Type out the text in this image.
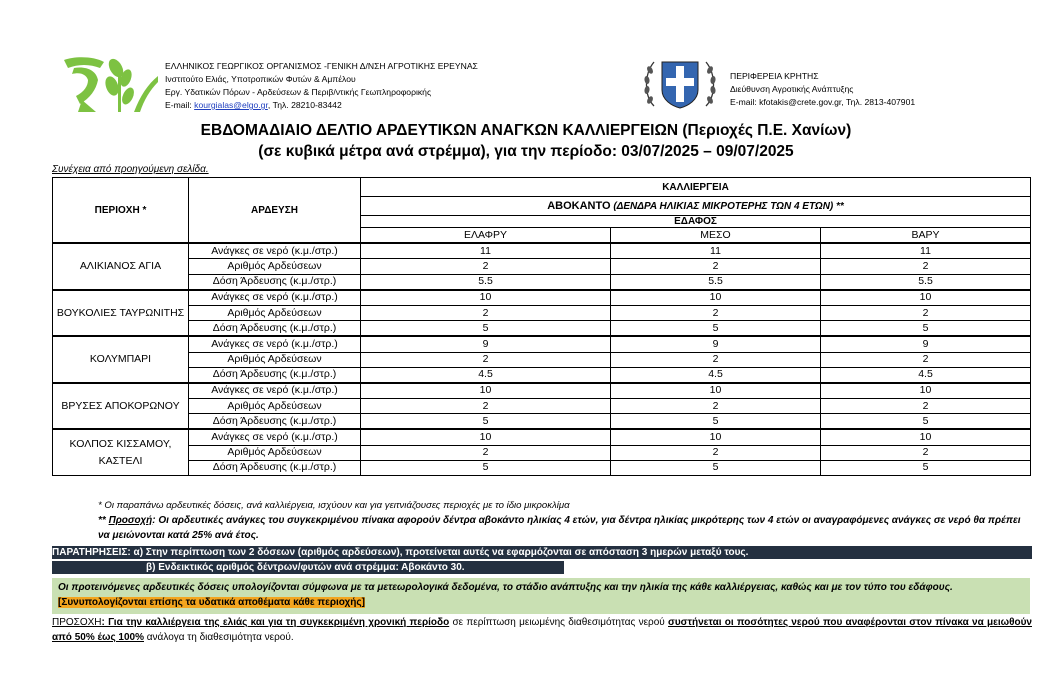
ΕΛΛΗΝΙΚΟΣ ΓΕΩΡΓΙΚΟΣ ΟΡΓΑΝΙΣΜΟΣ -ΓΕΝΙΚΗ Δ/ΝΣΗ ΑΓΡΟΤΙΚΗΣ ΕΡΕΥΝΑΣ
Ινστιτούτο Ελιάς, Υποτροπικών Φυτών & Αμπέλου
Εργ. Υδατικών Πόρων - Αρδεύσεων & Περιβ/ντικής Γεωπληροφορικής
E-mail: kourgialas@elgo.gr, Τηλ. 28210-83442
ΠΕΡΙΦΕΡΕΙΑ ΚΡΗΤΗΣ
Διεύθυνση Αγροτικής Ανάπτυξης
E-mail: kfotakis@crete.gov.gr, Τηλ. 2813-407901
ΕΒΔΟΜΑΔΙΑΙΟ ΔΕΛΤΙΟ ΑΡΔΕΥΤΙΚΩΝ ΑΝΑΓΚΩΝ ΚΑΛΛΙΕΡΓΕΙΩΝ (Περιοχές Π.Ε. Χανίων)
(σε κυβικά μέτρα ανά στρέμμα), για την περίοδο: 03/07/2025 – 09/07/2025
Συνέχεια από προηγούμενη σελίδα.
ΠΕΡΙΟΧΗ *	ΑΡΔΕΥΣΗ	ΚΑΛΛΙΕΡΓΕΙΑ		
		ΑΒΟΚΑΝΤΟ (ΔΕΝΔΡΑ ΗΛΙΚΙΑΣ ΜΙΚΡΟΤΕΡΗΣ ΤΩΝ 4 ΕΤΩΝ) **		
		ΕΔΑΦΟΣ		
		ΕΛΑΦΡΥ	ΜΕΣΟ	ΒΑΡΥ
ΑΛΙΚΙΑΝΟΣ ΑΓΙΑ	Ανάγκες σε νερό (κ.μ./στρ.)	11	11	11
	Αριθμός Αρδεύσεων	2	2	2
	Δόση Άρδευσης (κ.μ./στρ.)	5.5	5.5	5.5
ΒΟΥΚΟΛΙΕΣ ΤΑΥΡΩΝΙΤΗΣ	Ανάγκες σε νερό (κ.μ./στρ.)	10	10	10
	Αριθμός Αρδεύσεων	2	2	2
	Δόση Άρδευσης (κ.μ./στρ.)	5	5	5
ΚΟΛΥΜΠΑΡΙ	Ανάγκες σε νερό (κ.μ./στρ.)	9	9	9
	Αριθμός Αρδεύσεων	2	2	2
	Δόση Άρδευσης (κ.μ./στρ.)	4.5	4.5	4.5
ΒΡΥΣΕΣ ΑΠΟΚΟΡΩΝΟΥ	Ανάγκες σε νερό (κ.μ./στρ.)	10	10	10
	Αριθμός Αρδεύσεων	2	2	2
	Δόση Άρδευσης (κ.μ./στρ.)	5	5	5
ΚΟΛΠΟΣ ΚΙΣΣΑΜΟΥ, ΚΑΣΤΕΛΙ	Ανάγκες σε νερό (κ.μ./στρ.)	10	10	10
	Αριθμός Αρδεύσεων	2	2	2
	Δόση Άρδευσης (κ.μ./στρ.)	5	5	5
* Οι παραπάνω αρδευτικές δόσεις, ανά καλλιέργεια, ισχύουν και για γειτνιάζουσες περιοχές με το ίδιο μικροκλίμα
** Προσοχή: Οι αρδευτικές ανάγκες του συγκεκριμένου πίνακα αφορούν δέντρα αβοκάντο ηλικίας 4 ετών, για δέντρα ηλικίας μικρότερης των 4 ετών οι αναγραφόμενες ανάγκες σε νερό θα πρέπει να μειώνονται κατά 25% ανά έτος.
ΠΑΡΑΤΗΡΗΣΕΙΣ: α) Στην περίπτωση των 2 δόσεων (αριθμός αρδεύσεων), προτείνεται αυτές να εφαρμόζονται σε απόσταση 3 ημερών μεταξύ τους.
β) Ενδεικτικός αριθμός δέντρων/φυτών ανά στρέμμα: Αβοκάντο 30.
Οι προτεινόμενες αρδευτικές δόσεις υπολογίζονται σύμφωνα με τα μετεωρολογικά δεδομένα, το στάδιο ανάπτυξης και την ηλικία της κάθε καλλιέργειας, καθώς και με τον τύπο του εδάφους. [Συνυπολογίζονται επίσης τα υδατικά αποθέματα κάθε περιοχής]
ΠΡΟΣΟΧΗ: Για την καλλιέργεια της ελιάς και για τη συγκεκριμένη χρονική περίοδο σε περίπτωση μειωμένης διαθεσιμότητας νερού συστήνεται οι ποσότητες νερού που αναφέρονται στον πίνακα να μειωθούν από 50% έως 100% ανάλογα τη διαθεσιμότητα νερού.
